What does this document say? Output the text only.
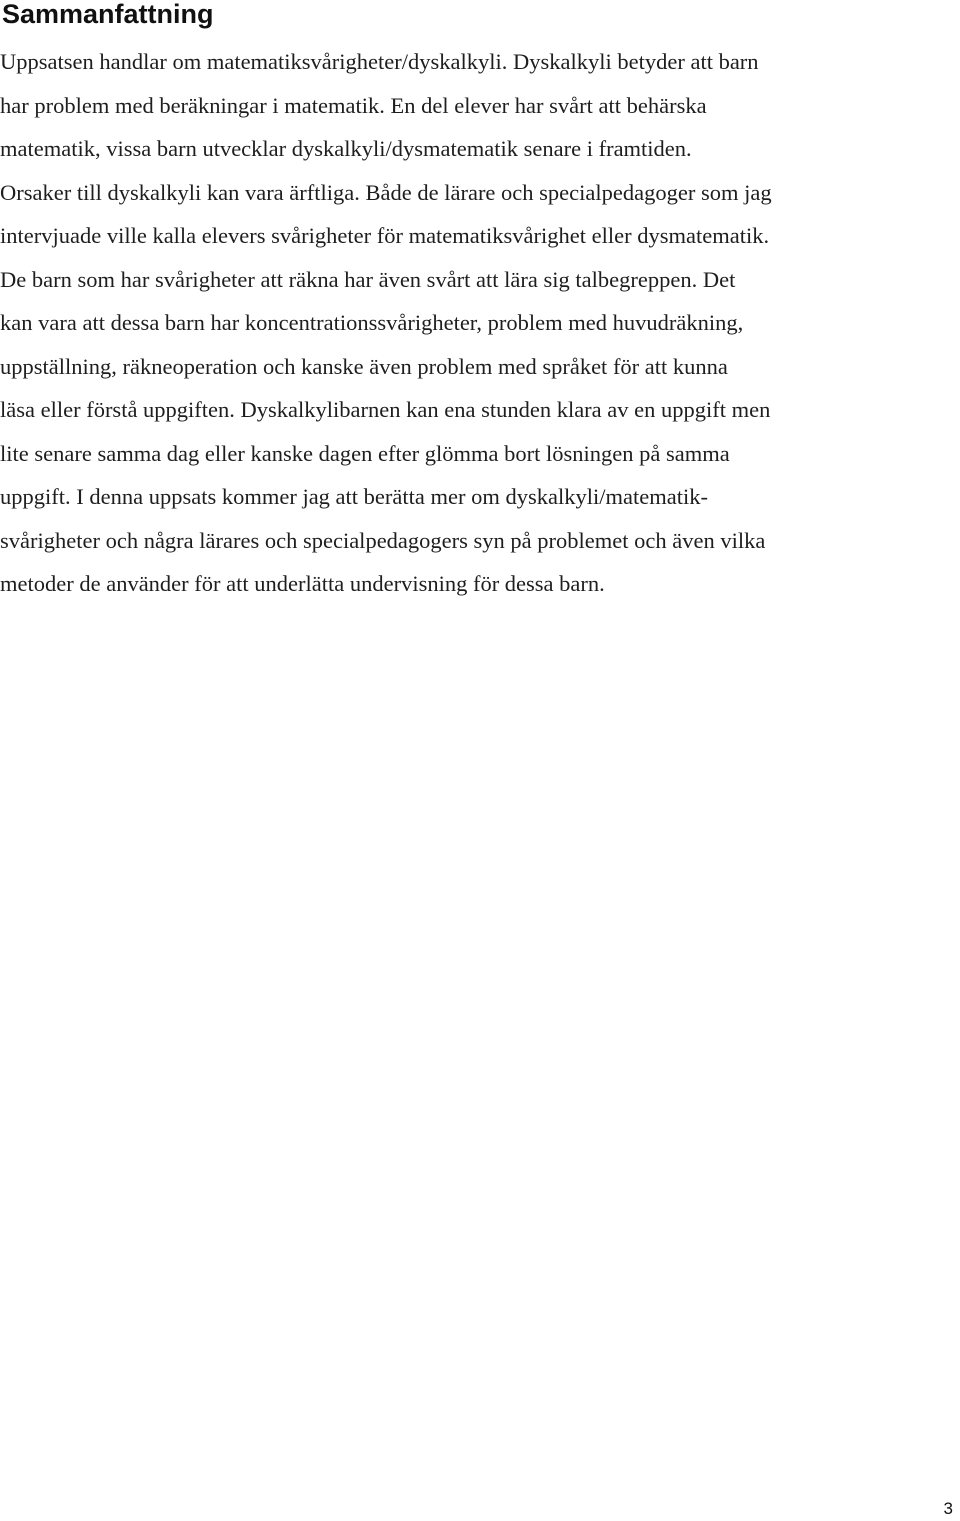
Sammanfattning

Uppsatsen handlar om matematiksvårigheter/dyskalkyli. Dyskalkyli betyder att barn
har problem med beräkningar i matematik. En del elever har svårt att behärska
matematik, vissa barn utvecklar dyskalkyli/dysmatematik senare i framtiden.
Orsaker till dyskalkyli kan vara ärftliga. Både de lärare och specialpedagoger som jag
intervjuade ville kalla elevers svårigheter för matematiksvårighet eller dysmatematik.
De barn som har svårigheter att räkna har även svårt att lära sig talbegreppen. Det
kan vara att dessa barn har koncentrationssvårigheter, problem med huvudräkning,
uppställning, räkneoperation och kanske även problem med språket för att kunna
läsa eller förstå uppgiften. Dyskalkylibarnen kan ena stunden klara av en uppgift men
lite senare samma dag eller kanske dagen efter glömma bort lösningen på samma
uppgift. I denna uppsats kommer jag att berätta mer om dyskalkyli/matematik-
svårigheter och några lärares och specialpedagogers syn på problemet och även vilka
metoder de använder för att underlätta undervisning för dessa barn.

3
